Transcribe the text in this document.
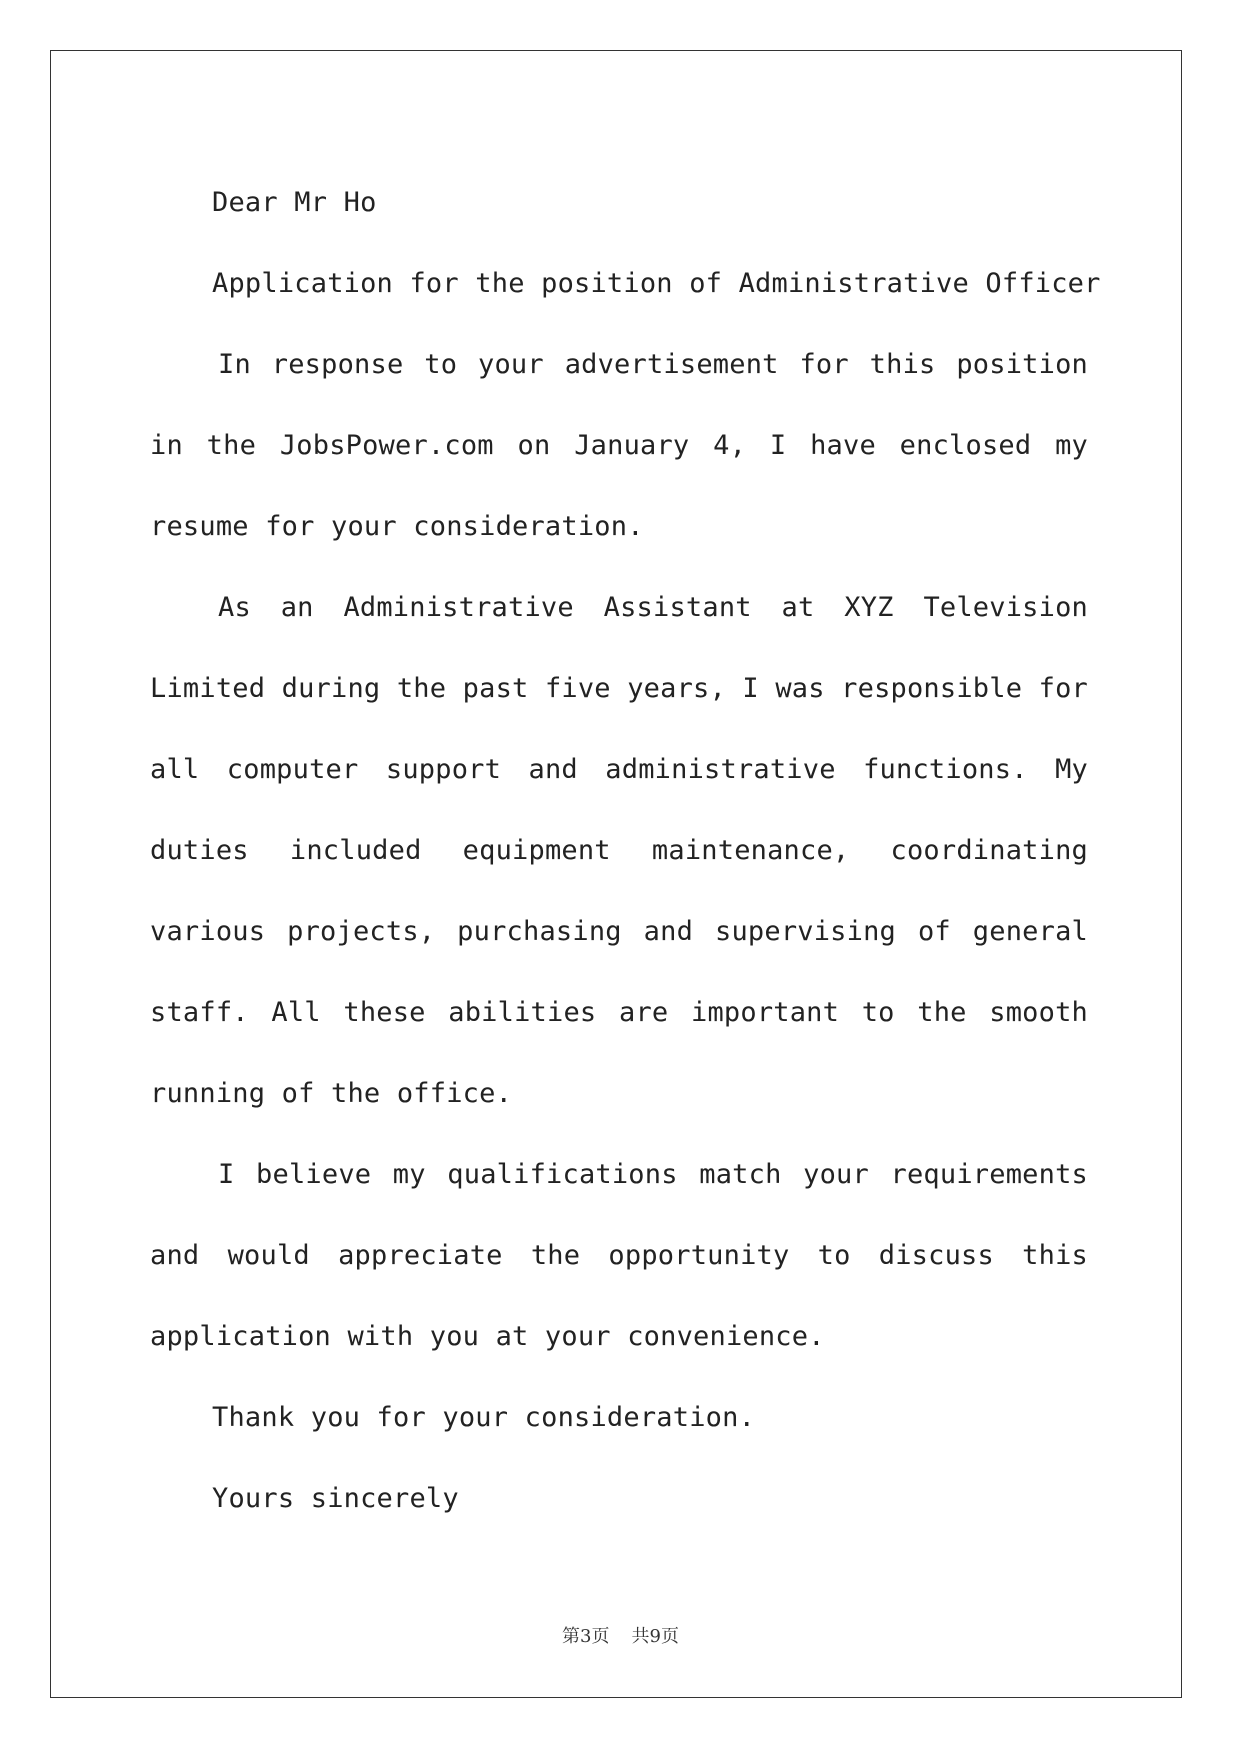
Dear Mr Ho

Application for the position of Administrative Officer

In response to your advertisement for this position in the JobsPower.com on January 4, I have enclosed my resume for your consideration.

As an Administrative Assistant at XYZ Television Limited during the past five years, I was responsible for all computer support and administrative functions. My duties included equipment maintenance, coordinating various projects, purchasing and supervising of general staff. All these abilities are important to the smooth running of the office.

I believe my qualifications match your requirements and would appreciate the opportunity to discuss this application with you at your convenience.

Thank you for your consideration.

Yours sincerely

第3页 共9页
